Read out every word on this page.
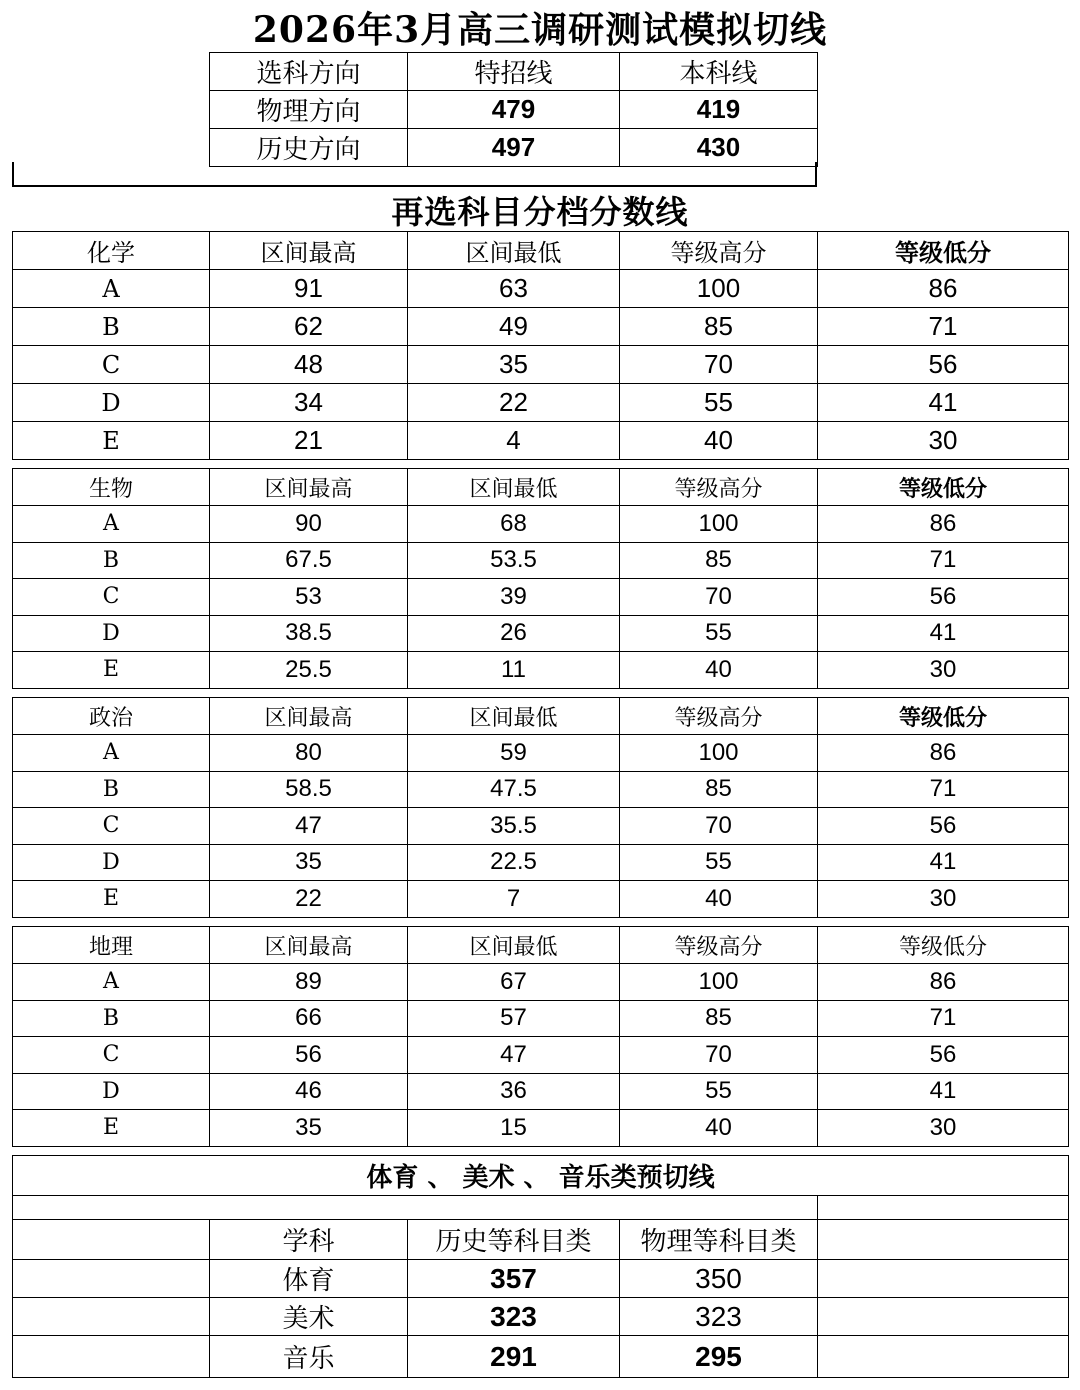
2026年3月高三调研测试模拟切线
选科方向	特招线	本科线
物理方向	479	419
历史方向	497	430
再选科目分档分数线
化学	区间最高	区间最低	等级高分	等级低分
A	91	63	100	86
B	62	49	85	71
C	48	35	70	56
D	34	22	55	41
E	21	4	40	30
生物	区间最高	区间最低	等级高分	等级低分
A	90	68	100	86
B	67.5	53.5	85	71
C	53	39	70	56
D	38.5	26	55	41
E	25.5	11	40	30
政治	区间最高	区间最低	等级高分	等级低分
A	80	59	100	86
B	58.5	47.5	85	71
C	47	35.5	70	56
D	35	22.5	55	41
E	22	7	40	30
地理	区间最高	区间最低	等级高分	等级低分
A	89	67	100	86
B	66	57	85	71
C	56	47	70	56
D	46	36	55	41
E	35	15	40	30
体育 、 美术 、 音乐类预切线				

	学科	历史等科目类	物理等科目类	
	体育	357	350	
	美术	323	323	
	音乐	291	295	
